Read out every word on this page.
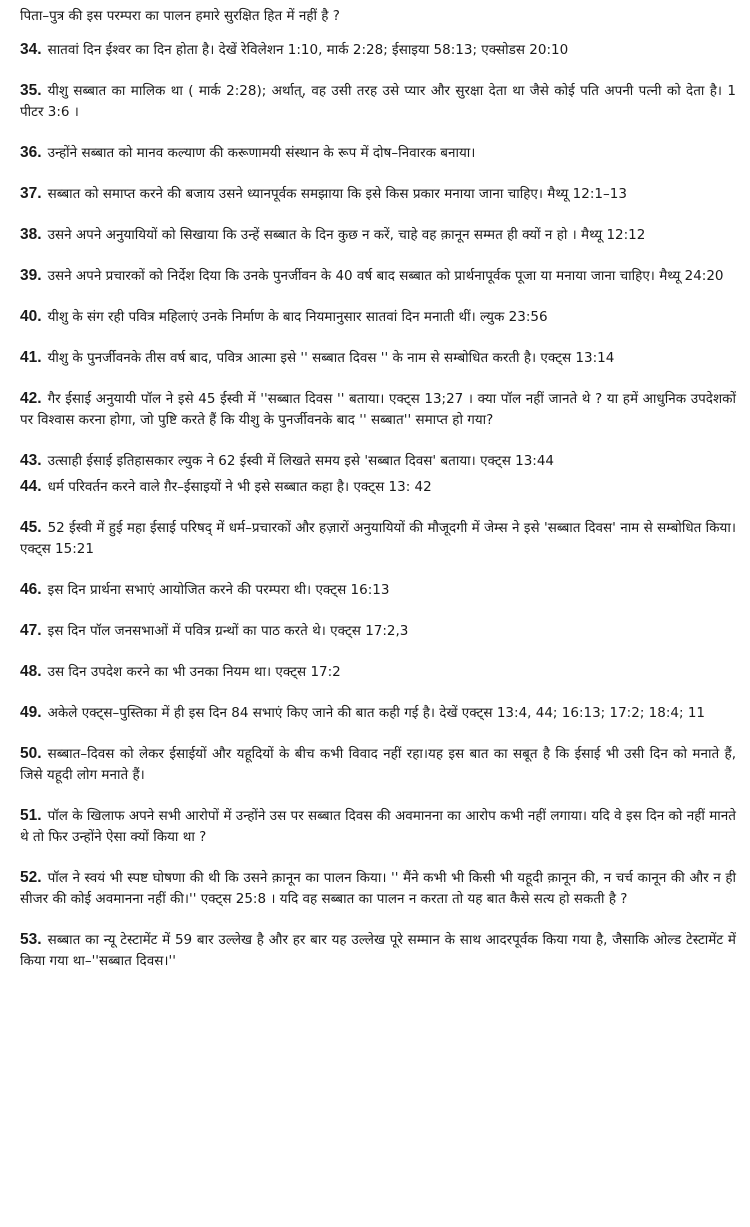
पिता–पुत्र की इस परम्परा का पालन हमारे सुरक्षित हित में नहीं है ?

34. सातवां दिन ईश्वर का दिन होता है। देखें रेविलेशन 1:10, मार्क 2:28; ईसाइया 58:13; एक्सोडस 20:10
35. यीशु सब्बात का मालिक था ( मार्क 2:28); अर्थात्, वह उसी तरह उसे प्यार और सुरक्षा देता था जैसे कोई पति अपनी पत्नी को देता है। 1 पीटर 3:6 ।
36. उन्होंने सब्बात को मानव कल्याण की करूणामयी संस्थान के रूप में दोष–निवारक बनाया।
37. सब्बात को समाप्त करने की बजाय उसने ध्यानपूर्वक समझाया कि इसे किस प्रकार मनाया जाना चाहिए। मैथ्यू 12:1–13
38. उसने अपने अनुयायियों को सिखाया कि उन्हें सब्बात के दिन कुछ न करें, चाहे वह क़ानून सम्मत ही क्यों न हो । मैथ्यू 12:12
39. उसने अपने प्रचारकों को निर्देश दिया कि उनके पुनर्जीवन के 40 वर्ष बाद सब्बात को प्रार्थनापूर्वक पूजा या मनाया जाना चाहिए। मैथ्यू 24:20
40. यीशु के संग रही पवित्र महिलाएं उनके निर्माण के बाद नियमानुसार सातवां दिन मनाती थीं। ल्युक 23:56
41. यीशु के पुनर्जीवनके तीस वर्ष बाद, पवित्र आत्मा इसे '' सब्बात दिवस '' के नाम से सम्बोधित करती है। एक्ट्स 13:14
42. गैर ईसाई अनुयायी पॉल ने इसे 45 ईस्वी में ''सब्बात दिवस '' बताया। एक्ट्स 13;27 । क्या पॉल नहीं जानते थे ? या हमें आधुनिक उपदेशकों पर विश्वास करना होगा, जो पुष्टि करते हैं कि यीशु के पुनर्जीवनके बाद '' सब्बात'' समाप्त हो गया?
43. उत्साही ईसाई इतिहासकार ल्युक ने 62 ईस्वी में लिखते समय इसे 'सब्बात दिवस' बताया। एक्ट्स 13:44
44. धर्म परिवर्तन करने वाले ग़ैर–ईसाइयों ने भी इसे सब्बात कहा है। एक्ट्स 13: 42
45. 52 ईस्वी में हुई महा ईसाई परिषद् में धर्म–प्रचारकों और हज़ारों अनुयायियों की मौजूदगी में जेम्स ने इसे 'सब्बात दिवस' नाम से सम्बोधित किया। एक्ट्स 15:21
46. इस दिन प्रार्थना सभाएं आयोजित करने की परम्परा थी। एक्ट्स 16:13
47. इस दिन पॉल जनसभाओं में पवित्र ग्रन्थों का पाठ करते थे। एक्ट्स 17:2,3
48. उस दिन उपदेश करने का भी उनका नियम था। एक्ट्स 17:2
49. अकेले एक्ट्स–पुस्तिका में ही इस दिन 84 सभाएं किए जाने की बात कही गई है। देखें एक्ट्स 13:4, 44; 16:13; 17:2; 18:4; 11
50. सब्बात–दिवस को लेकर ईसाईयों और यहूदियों के बीच कभी विवाद नहीं रहा।यह इस बात का सबूत है कि ईसाई भी उसी दिन को मनाते हैं, जिसे यहूदी लोग मनाते हैं।
51. पॉल के खिलाफ अपने सभी आरोपों में उन्होंने उस पर सब्बात दिवस की अवमानना का आरोप कभी नहीं लगाया। यदि वे इस दिन को नहीं मानते थे तो फिर उन्होंने ऐसा क्यों किया था ?
52. पॉल ने स्वयं भी स्पष्ट घोषणा की थी कि उसने क़ानून का पालन किया। '' मैंने कभी भी किसी भी यहूदी क़ानून की, न चर्च कानून की और न ही सीजर की कोई अवमानना नहीं की।'' एक्ट्स 25:8 । यदि वह सब्बात का पालन न करता तो यह बात कैसे सत्य हो सकती है ?
53. सब्बात का न्यू टेस्टामेंट में 59 बार उल्लेख है और हर बार यह उल्लेख पूरे सम्मान के साथ आदरपूर्वक किया गया है, जैसाकि ओल्ड टेस्टामेंट में किया गया था–''सब्बात दिवस।''
